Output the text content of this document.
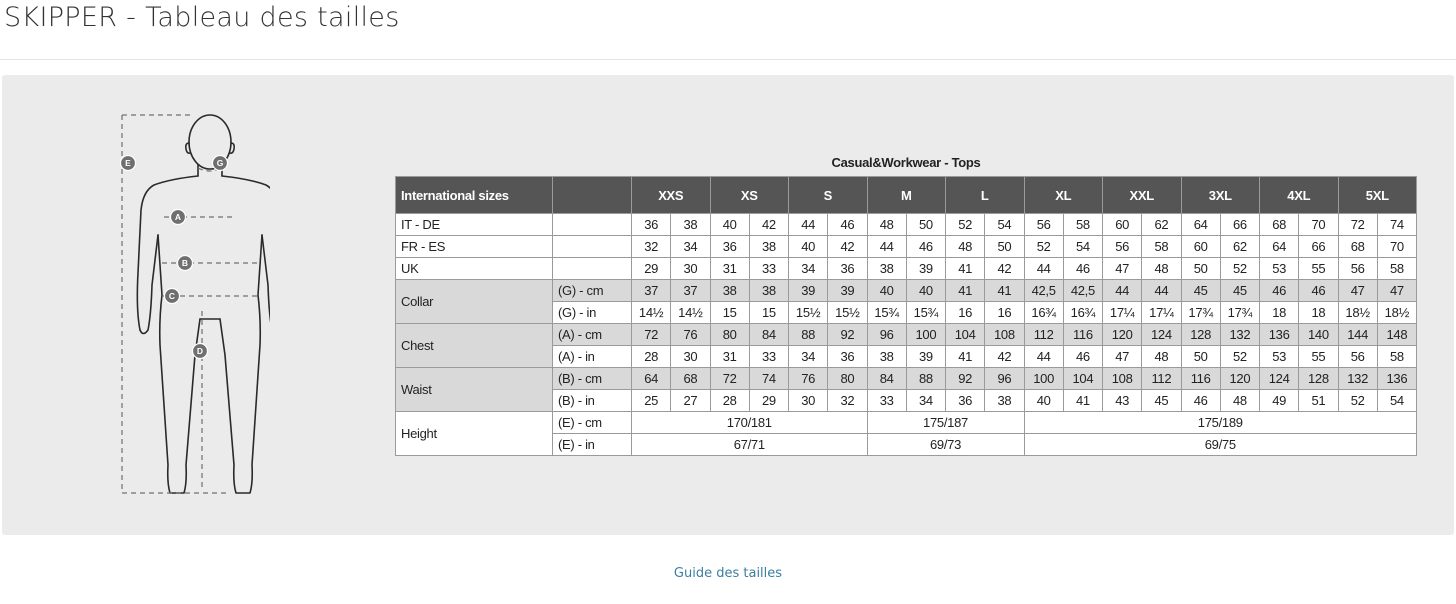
SKIPPER - Tableau des tailles
E	G
A
B
C
D
Casual&Workwear - Tops
International sizes		XXS		XS		S		M		L		XL		XXL		3XL		4XL		5XL	
IT - DE		36	38	40	42	44	46	48	50	52	54	56	58	60	62	64	66	68	70	72	74
FR - ES		32	34	36	38	40	42	44	46	48	50	52	54	56	58	60	62	64	66	68	70
UK		29	30	31	33	34	36	38	39	41	42	44	46	47	48	50	52	53	55	56	58
Collar	(G) - cm	37	37	38	38	39	39	40	40	41	41	42,5	42,5	44	44	45	45	46	46	47	47
	(G) - in	14½	14½	15	15	15½	15½	15¾	15¾	16	16	16¾	16¾	17¼	17¼	17¾	17¾	18	18	18½	18½
Chest	(A) - cm	72	76	80	84	88	92	96	100	104	108	112	116	120	124	128	132	136	140	144	148
	(A) - in	28	30	31	33	34	36	38	39	41	42	44	46	47	48	50	52	53	55	56	58
Waist	(B) - cm	64	68	72	74	76	80	84	88	92	96	100	104	108	112	116	120	124	128	132	136
	(B) - in	25	27	28	29	30	32	33	34	36	38	40	41	43	45	46	48	49	51	52	54
Height	(E) - cm	170/181						175/187				175/189									
	(E) - in	67/71						69/73				69/75									
Guide des tailles
